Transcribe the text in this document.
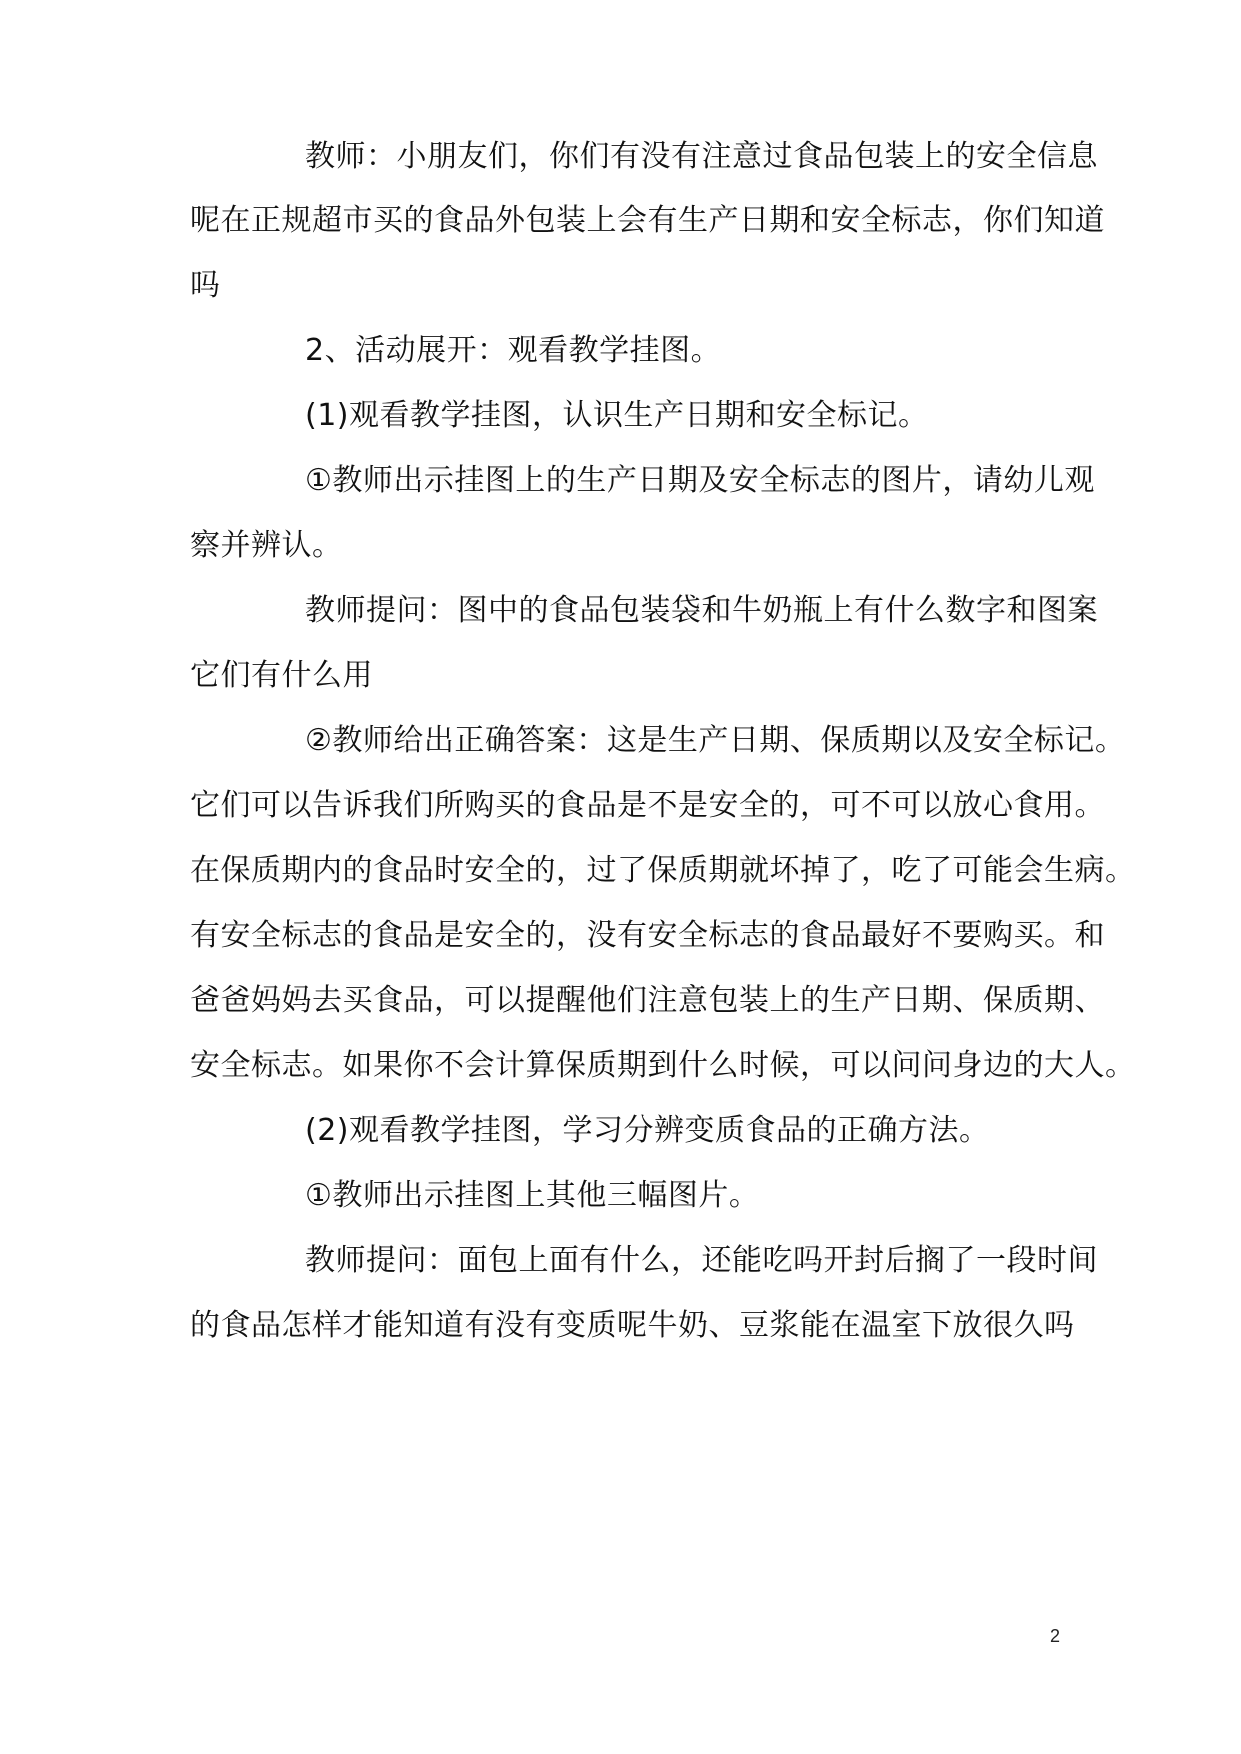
教师：小朋友们，你们有没有注意过食品包装上的安全信息
呢在正规超市买的食品外包装上会有生产日期和安全标志，你们知道
吗
2、活动展开：观看教学挂图。
(1)观看教学挂图，认识生产日期和安全标记。
①教师出示挂图上的生产日期及安全标志的图片，请幼儿观
察并辨认。
教师提问：图中的食品包装袋和牛奶瓶上有什么数字和图案
它们有什么用
②教师给出正确答案：这是生产日期、保质期以及安全标记。
它们可以告诉我们所购买的食品是不是安全的，可不可以放心食用。
在保质期内的食品时安全的，过了保质期就坏掉了，吃了可能会生病。
有安全标志的食品是安全的，没有安全标志的食品最好不要购买。和
爸爸妈妈去买食品，可以提醒他们注意包装上的生产日期、保质期、
安全标志。如果你不会计算保质期到什么时候，可以问问身边的大人。
(2)观看教学挂图，学习分辨变质食品的正确方法。
①教师出示挂图上其他三幅图片。
教师提问：面包上面有什么，还能吃吗开封后搁了一段时间
的食品怎样才能知道有没有变质呢牛奶、豆浆能在温室下放很久吗
2
